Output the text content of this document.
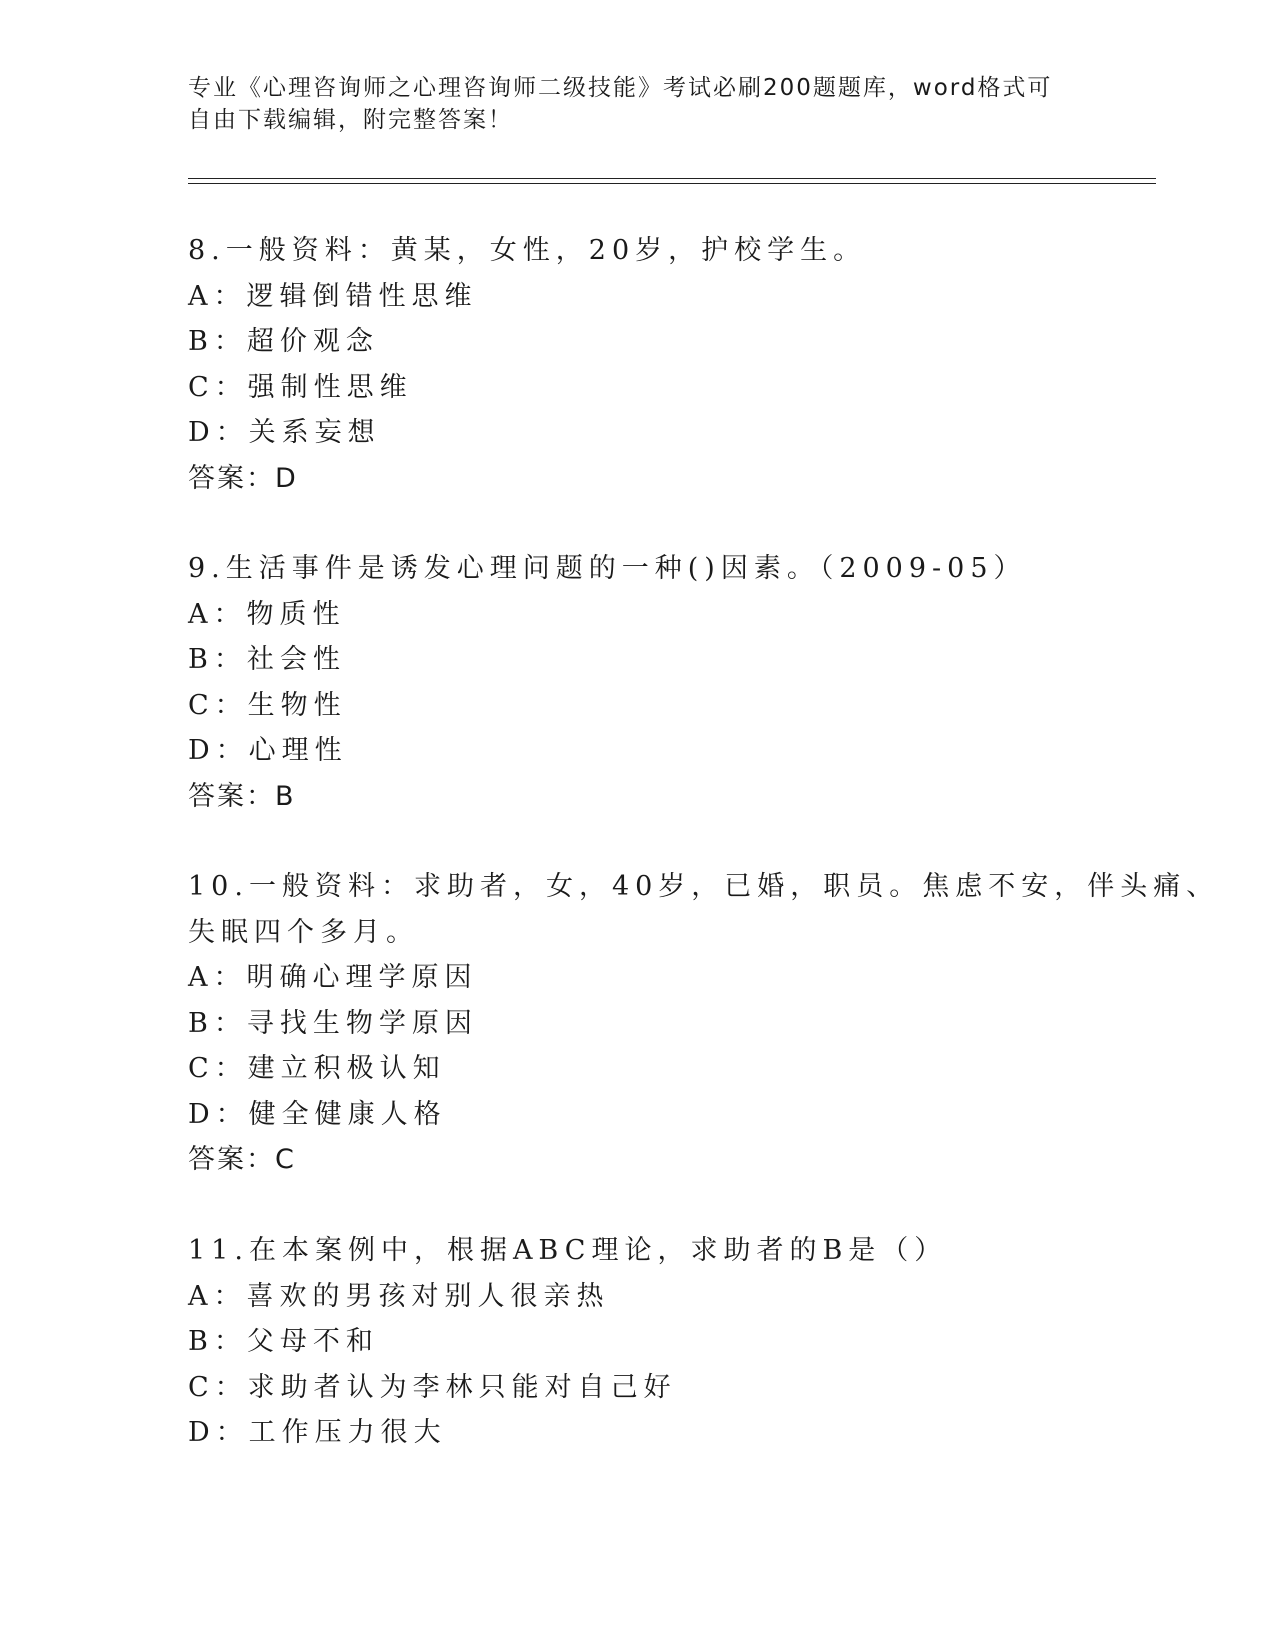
专业《心理咨询师之心理咨询师二级技能》考试必刷200题题库，word格式可自由下载编辑，附完整答案！
8.一般资料：黄某，女性，20岁，护校学生。
A：逻辑倒错性思维
B：超价观念
C：强制性思维
D：关系妄想
答案：D
9.生活事件是诱发心理问题的一种()因素。（2009-05）
A：物质性
B：社会性
C：生物性
D：心理性
答案：B
10.一般资料：求助者，女，40岁，已婚，职员。焦虑不安，伴头痛、
失眠四个多月。
A：明确心理学原因
B：寻找生物学原因
C：建立积极认知
D：健全健康人格
答案：C
11.在本案例中，根据ABC理论，求助者的B是（）
A：喜欢的男孩对别人很亲热
B：父母不和
C：求助者认为李林只能对自己好
D：工作压力很大
